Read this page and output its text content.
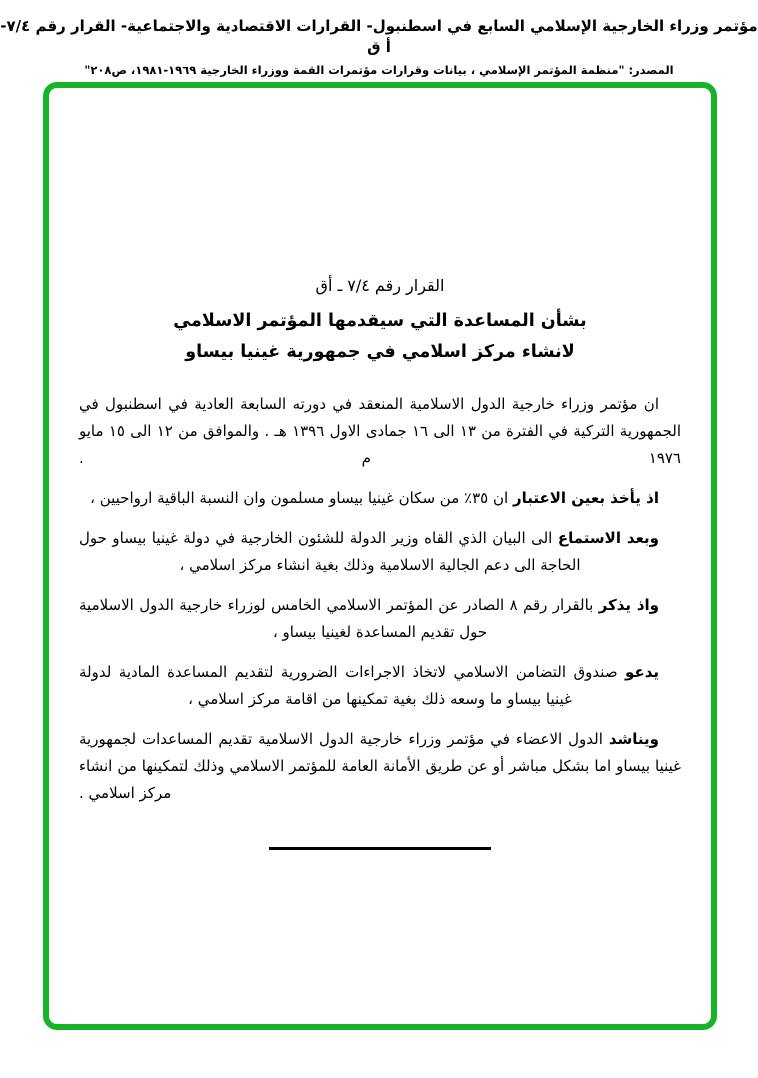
مؤتمر وزراء الخارجية الإسلامي السابع في اسطنبول- القرارات الاقتصادية والاجتماعية- القرار رقم ٧/٤- أ ق
المصدر: "منظمة المؤتمر الإسلامي ، بيانات وقرارات مؤتمرات القمة ووزراء الخارجية ١٩٦٩-١٩٨١، ص٢٠٨"
القرار رقم ٧/٤ ـ أق
بشأن المساعدة التي سيقدمها المؤتمر الاسلامي
لانشاء مركز اسلامي في جمهورية غينيا بيساو

ان مؤتمر وزراء خارجية الدول الاسلامية المنعقد في دورته السابعة العادية في اسطنبول في الجمهورية التركية في الفترة من ١٣ الى ١٦ جمادى الاول ١٣٩٦ هـ . والموافق من ١٢ الى ١٥ مايو ١٩٧٦ م .

اذ يأخذ بعين الاعتبار ان ٣٥٪ من سكان غينيا بيساو مسلمون وان النسبة الباقية ارواحيين ،

وبعد الاستماع الى البيان الذي القاه وزير الدولة للشئون الخارجية في دولة غينيا بيساو حول الحاجة الى دعم الجالية الاسلامية وذلك بغية انشاء مركز اسلامي ،

واذ يذكر بالقرار رقم ٨ الصادر عن المؤتمر الاسلامي الخامس لوزراء خارجية الدول الاسلامية حول تقديم المساعدة لغينيا بيساو ،

يدعو صندوق التضامن الاسلامي لاتخاذ الاجراءات الضرورية لتقديم المساعدة المادية لدولة غينيا بيساو ما وسعه ذلك بغية تمكينها من اقامة مركز اسلامي ،

ويناشد الدول الاعضاء في مؤتمر وزراء خارجية الدول الاسلامية تقديم المساعدات لجمهورية غينيا بيساو اما بشكل مباشر أو عن طريق الأمانة العامة للمؤتمر الاسلامي وذلك لتمكينها من انشاء مركز اسلامي .
